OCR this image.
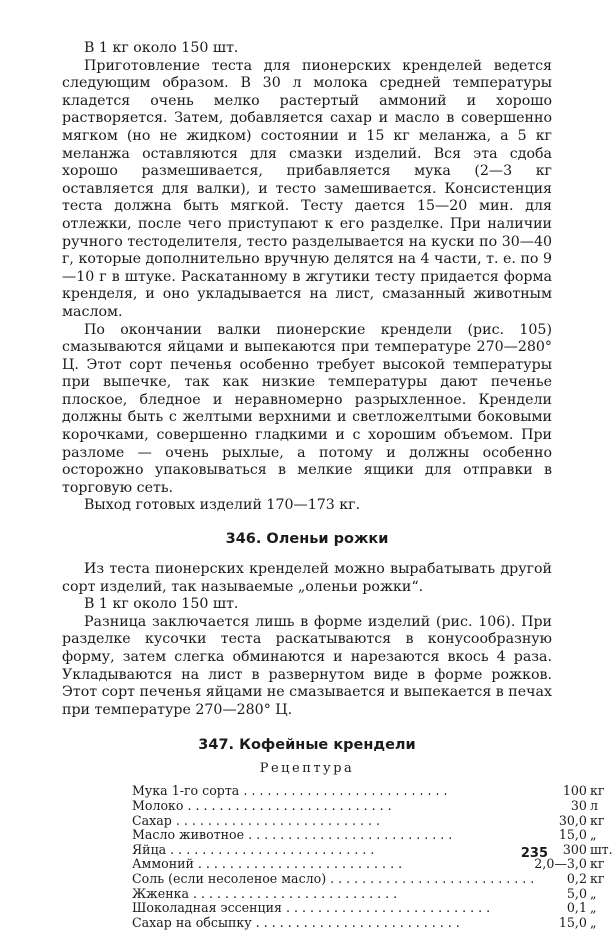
В 1 кг около 150 шт.

Приготовление теста для пионерских кренделей ведется следующим образом. В 30 л молока средней температуры кладется очень мелко растертый аммоний и хорошо растворяется. Затем, добавляется сахар и масло в совершенно мягком (но не жидком) состоянии и 15 кг меланжа, а 5 кг меланжа оставляются для смазки изделий. Вся эта сдоба хорошо размешивается, прибавляется мука (2—3 кг оставляется для валки), и тесто замешивается. Консистенция теста должна быть мягкой. Тесту дается 15—20 мин. для отлежки, после чего приступают к его разделке. При наличии ручного тестоделителя, тесто разделывается на куски по 30—40 г, которые дополнительно вручную делятся на 4 части, т. е. по 9—10 г в штуке. Раскатанному в жгутики тесту придается форма кренделя, и оно укладывается на лист, смазанный животным маслом.

По окончании валки пионерские крендели (рис. 105) смазываются яйцами и выпекаются при температуре 270—280° Ц. Этот сорт печенья особенно требует высокой температуры при выпечке, так как низкие температуры дают печенье плоское, бледное и неравномерно разрыхленное. Крендели должны быть с желтыми верхними и светложелтыми боковыми корочками, совершенно гладкими и с хорошим объемом. При разломе — очень рыхлые, а потому и должны особенно осторожно упаковываться в мелкие ящики для отправки в торговую сеть.

Выход готовых изделий 170—173 кг.

346. Оленьи рожки

Из теста пионерских кренделей можно вырабатывать другой сорт изделий, так называемые „оленьи рожки“.

В 1 кг около 150 шт.

Разница заключается лишь в форме изделий (рис. 106). При разделке кусочки теста раскатываются в конусообразную форму, затем слегка обминаются и нарезаются вкось 4 раза. Укладываются на лист в развернутом виде в форме рожков. Этот сорт печенья яйцами не смазывается и выпекается в печах при температуре 270—280° Ц.

347. Кофейные крендели

Рецептура

Мука 1-го сорта . . . . . . . . . . . . . . . . . . . . . . . . . .	100	кг
Молоко . . . . . . . . . . . . . . . . . . . . . . . . . .	30	л
Сахар . . . . . . . . . . . . . . . . . . . . . . . . . .	30,0	кг
Масло животное . . . . . . . . . . . . . . . . . . . . . . . . . .	15,0	„
Яйца . . . . . . . . . . . . . . . . . . . . . . . . . .	300	шт.
Аммоний . . . . . . . . . . . . . . . . . . . . . . . . . .	2,0—3,0	кг
Соль (если несоленое масло) . . . . . . . . . . . . . . . . . . . . . . . . . .	0,2	кг
Жженка . . . . . . . . . . . . . . . . . . . . . . . . . .	5,0	„
Шоколадная эссенция . . . . . . . . . . . . . . . . . . . . . . . . . .	0,1	„
Сахар на обсыпку . . . . . . . . . . . . . . . . . . . . . . . . . .	15,0	„
235
